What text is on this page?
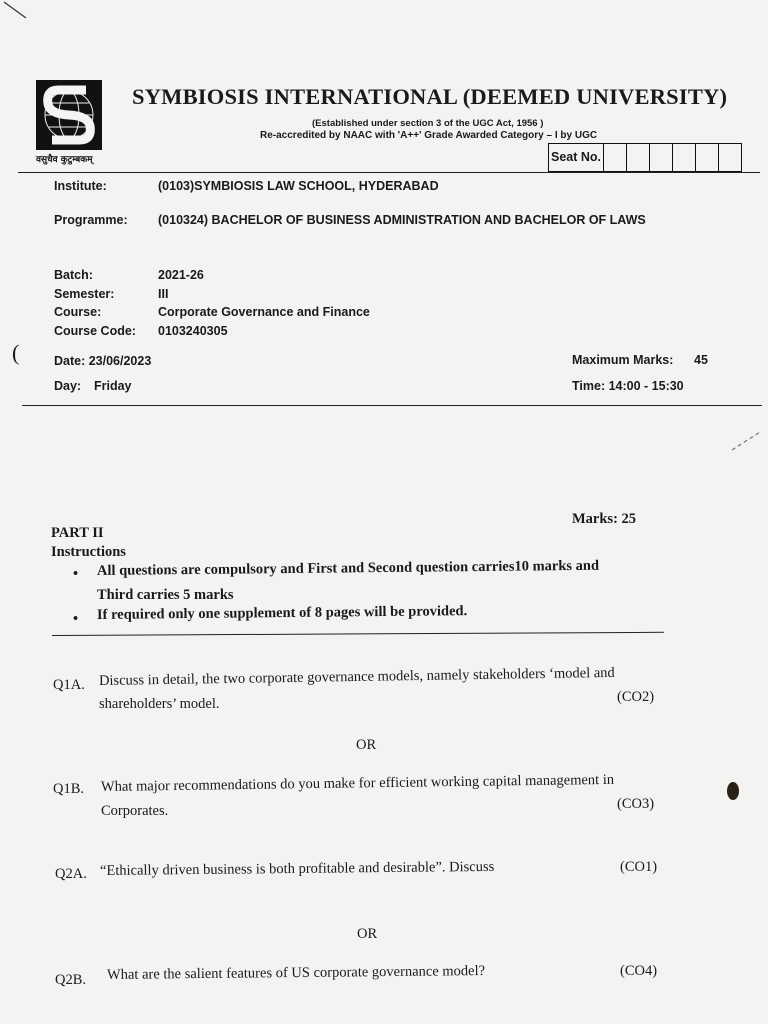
(
वसुधैव कुटुम्बकम्
SYMBIOSIS INTERNATIONAL (DEEMED UNIVERSITY)
(Established under section 3 of the UGC Act, 1956 )
Re-accredited by NAAC with 'A++' Grade Awarded Category – I by UGC
Seat No.
Institute:	(0103)SYMBIOSIS LAW SCHOOL, HYDERABAD
Programme: (010324) BACHELOR OF BUSINESS ADMINISTRATION AND BACHELOR OF LAWS
Batch:	2021-26
Semester:	III
Course:	Corporate Governance and Finance
Course Code: 0103240305
Date: 23/06/2023	Maximum Marks: 45
Day: Friday	Time: 14:00 - 15:30
Marks: 25
PART II
Instructions
• All questions are compulsory and First and Second question carries10 marks and
Third carries 5 marks
• If required only one supplement of 8 pages will be provided.
Q1A. Discuss in detail, the two corporate governance models, namely stakeholders ‘model and
shareholders’ model.	(CO2)
OR
Q1B. What major recommendations do you make for efficient working capital management in
Corporates.	(CO3)
Q2A. “Ethically driven business is both profitable and desirable”. Discuss	(CO1)
OR
Q2B. What are the salient features of US corporate governance model?	(CO4)
